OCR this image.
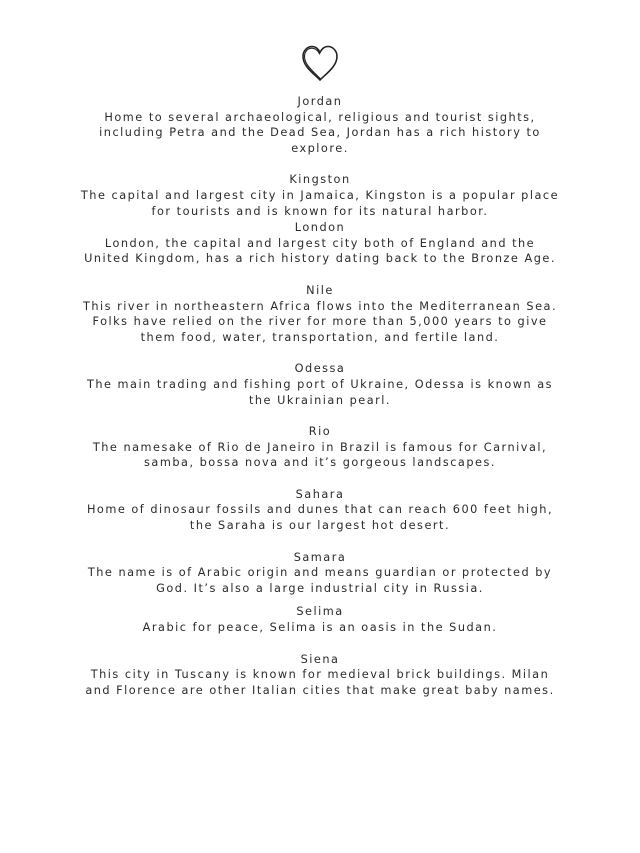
Jordan
Home to several archaeological, religious and tourist sights, including Petra and the Dead Sea, Jordan has a rich history to explore.
Kingston
The capital and largest city in Jamaica, Kingston is a popular place for tourists and is known for its natural harbor.
London
London, the capital and largest city both of England and the United Kingdom, has a rich history dating back to the Bronze Age.
Nile
This river in northeastern Africa flows into the Mediterranean Sea. Folks have relied on the river for more than 5,000 years to give them food, water, transportation, and fertile land.
Odessa
The main trading and fishing port of Ukraine, Odessa is known as the Ukrainian pearl.
Rio
The namesake of Rio de Janeiro in Brazil is famous for Carnival, samba, bossa nova and it’s gorgeous landscapes.
Sahara
Home of dinosaur fossils and dunes that can reach 600 feet high, the Saraha is our largest hot desert.
Samara
The name is of Arabic origin and means guardian or protected by God. It’s also a large industrial city in Russia.
Selima
Arabic for peace, Selima is an oasis in the Sudan.
Siena
This city in Tuscany is known for medieval brick buildings. Milan and Florence are other Italian cities that make great baby names.
